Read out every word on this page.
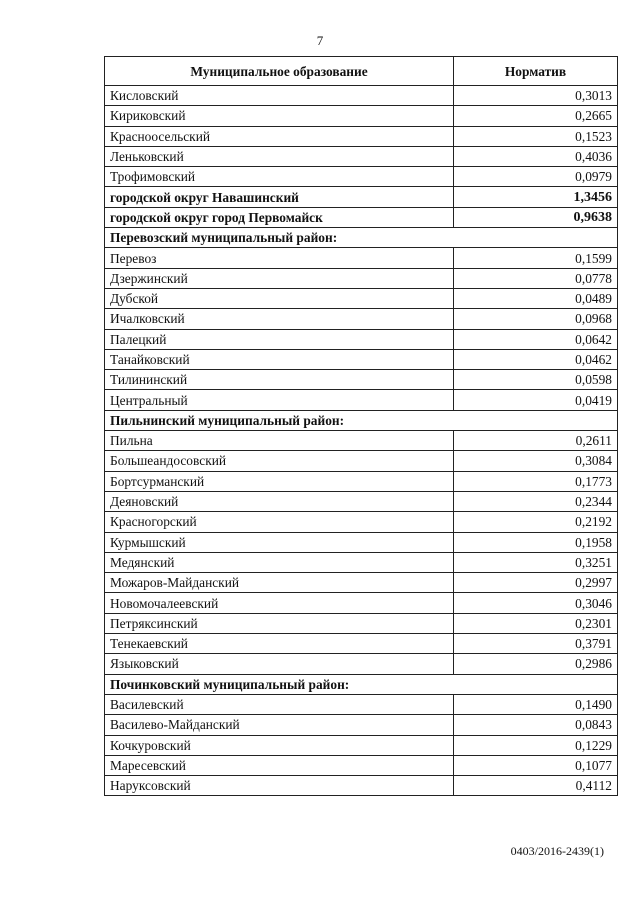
7
Муниципальное образование	Норматив
Кисловский	0,3013
Кириковский	0,2665
Красноосельский	0,1523
Леньковский	0,4036
Трофимовский	0,0979
городской округ Навашинский	1,3456
городской округ город Первомайск	0,9638
Перевозский муниципальный район:	
Перевоз	0,1599
Дзержинский	0,0778
Дубской	0,0489
Ичалковский	0,0968
Палецкий	0,0642
Танайковский	0,0462
Тилининский	0,0598
Центральный	0,0419
Пильнинский муниципальный район:	
Пильна	0,2611
Большеандосовский	0,3084
Бортсурманский	0,1773
Деяновский	0,2344
Красногорский	0,2192
Курмышский	0,1958
Медянский	0,3251
Можаров-Майданский	0,2997
Новомочалеевский	0,3046
Петряксинский	0,2301
Тенекаевский	0,3791
Языковский	0,2986
Починковский муниципальный район:	
Василевский	0,1490
Василево-Майданский	0,0843
Кочкуровский	0,1229
Маресевский	0,1077
Наруксовский	0,4112
0403/2016-2439(1)
